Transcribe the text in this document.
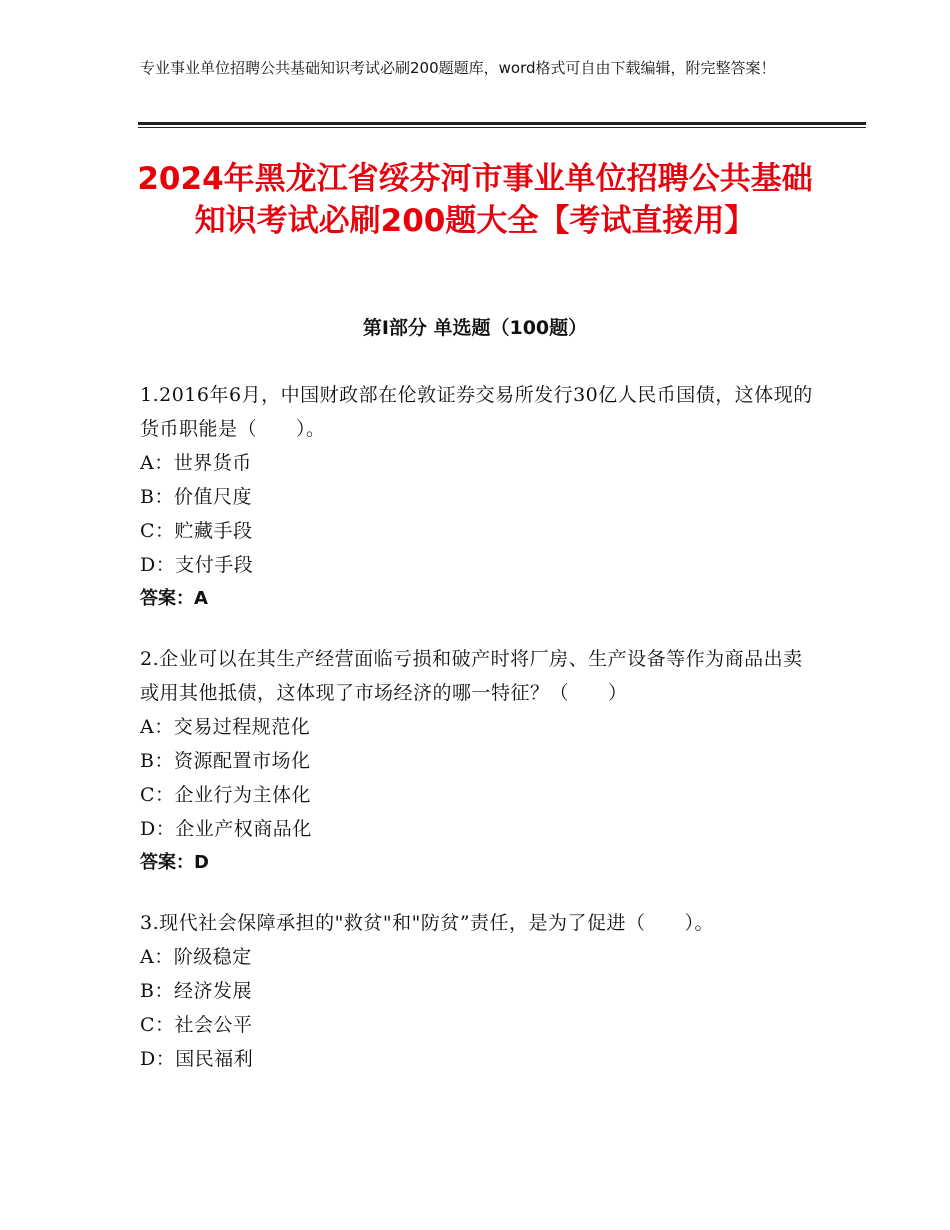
专业事业单位招聘公共基础知识考试必刷200题题库，word格式可自由下载编辑，附完整答案！
2024年黑龙江省绥芬河市事业单位招聘公共基础知识考试必刷200题大全【考试直接用】
第Ⅰ部分 单选题（100题）

1.2016年6月，中国财政部在伦敦证券交易所发行30亿人民币国债，这体现的货币职能是（　　）。

A：世界货币

B：价值尺度

C：贮藏手段

D：支付手段

答案：A

2.企业可以在其生产经营面临亏损和破产时将厂房、生产设备等作为商品出卖或用其他抵债，这体现了市场经济的哪一特征？（　　）

A：交易过程规范化

B：资源配置市场化

C：企业行为主体化

D：企业产权商品化

答案：D

3.现代社会保障承担的"救贫"和"防贫”责任，是为了促进（　　）。

A：阶级稳定

B：经济发展

C：社会公平

D：国民福利
